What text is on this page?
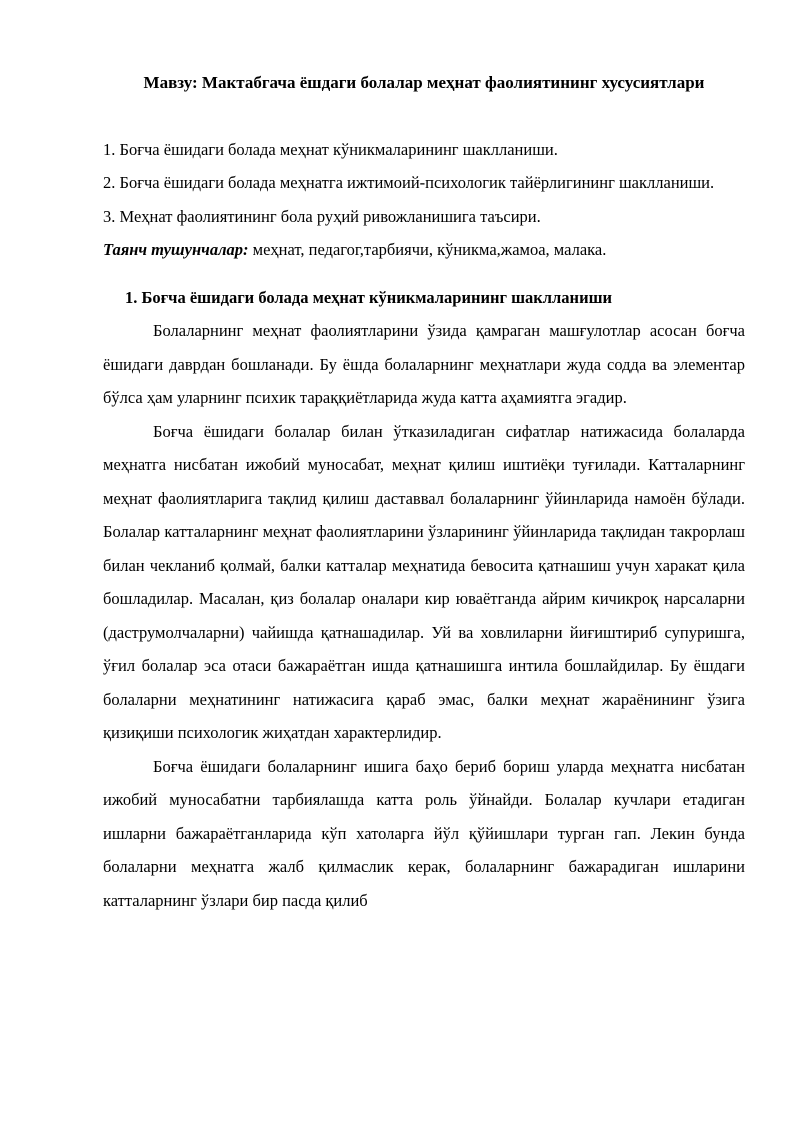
Мавзу: Мактабгача ёшдаги болалар меҳнат фаолиятининг хусусиятлари

1. Боғча ёшидаги болада меҳнат кўникмаларининг шаклланиши.

2. Боғча ёшидаги болада меҳнатга ижтимоий-психологик тайёрлигининг шаклланиши.

3. Меҳнат фаолиятининг бола руҳий ривожланишига таъсири.

Таянч тушунчалар: меҳнат, педагог,тарбиячи, кўникма,жамоа, малака.

1. Боғча ёшидаги болада меҳнат кўникмаларининг шаклланиши

Болаларнинг меҳнат фаолиятларини ўзида қамраган машғулотлар асосан боғча ёшидаги даврдан бошланади. Бу ёшда болаларнинг меҳнатлари жуда содда ва элементар бўлса ҳам уларнинг психик тараққиётларида жуда катта аҳамиятга эгадир.

Боғча ёшидаги болалар билан ўтказиладиган сифатлар натижасида болаларда меҳнатга нисбатан ижобий муносабат, меҳнат қилиш иштиёқи туғилади. Катталарнинг меҳнат фаолиятларига тақлид қилиш даставвал болаларнинг ўйинларида намоён бўлади. Болалар катталарнинг меҳнат фаолиятларини ўзларининг ўйинларида тақлидан такрорлаш билан чекланиб қолмай, балки катталар меҳнатида бевосита қатнашиш учун харакат қила бошладилар. Масалан, қиз болалар оналари кир юваётганда айрим кичикроқ нарсаларни (даструмолчаларни) чайишда қатнашадилар. Уй ва ховлиларни йиғиштириб супуришга, ўғил болалар эса отаси бажараётган ишда қатнашишга интила бошлайдилар. Бу ёшдаги болаларни меҳнатининг натижасига қараб эмас, балки меҳнат жараёнининг ўзига қизиқиши психологик жиҳатдан характерлидир.

Боғча ёшидаги болаларнинг ишига баҳо бериб бориш уларда меҳнатга нисбатан ижобий муносабатни тарбиялашда катта роль ўйнайди. Болалар кучлари етадиган ишларни бажараётганларида кўп хатоларга йўл қўйишлари турган гап. Лекин бунда болаларни меҳнатга жалб қилмаслик керак, болаларнинг бажарадиган ишларини катталарнинг ўзлари бир пасда қилиб
